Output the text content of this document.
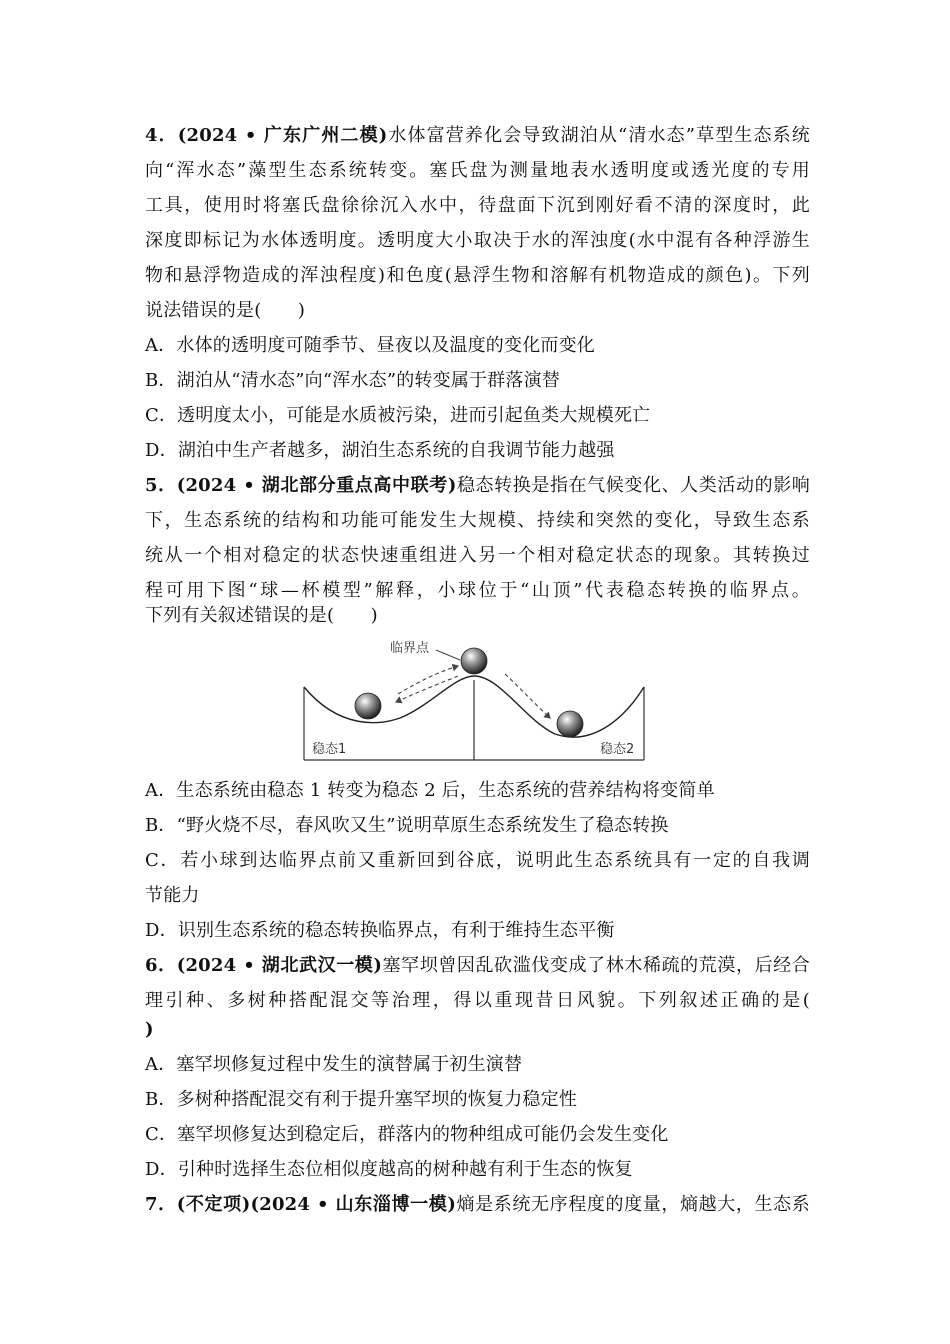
4．(2024 • 广东广州二模)水体富营养化会导致湖泊从“清水态”草型生态系统
向“浑水态”藻型生态系统转变。塞氏盘为测量地表水透明度或透光度的专用
工具，使用时将塞氏盘徐徐沉入水中，待盘面下沉到刚好看不清的深度时，此
深度即标记为水体透明度。透明度大小取决于水的浑浊度(水中混有各种浮游生
物和悬浮物造成的浑浊程度)和色度(悬浮生物和溶解有机物造成的颜色)。下列
说法错误的是(　　)
A．水体的透明度可随季节、昼夜以及温度的变化而变化
B．湖泊从“清水态”向“浑水态”的转变属于群落演替
C．透明度太小，可能是水质被污染，进而引起鱼类大规模死亡
D．湖泊中生产者越多，湖泊生态系统的自我调节能力越强
5．(2024 • 湖北部分重点高中联考)稳态转换是指在气候变化、人类活动的影响
下，生态系统的结构和功能可能发生大规模、持续和突然的变化，导致生态系
统从一个相对稳定的状态快速重组进入另一个相对稳定状态的现象。其转换过
程可用下图“球—杯模型”解释，小球位于“山顶”代表稳态转换的临界点。
下列有关叙述错误的是(　　)
临界点
稳态1	稳态2
A．生态系统由稳态 1 转变为稳态 2 后，生态系统的营养结构将变简单
B．“野火烧不尽，春风吹又生”说明草原生态系统发生了稳态转换
C．若小球到达临界点前又重新回到谷底，说明此生态系统具有一定的自我调
节能力
D．识别生态系统的稳态转换临界点，有利于维持生态平衡
6．(2024 • 湖北武汉一模)塞罕坝曾因乱砍滥伐变成了林木稀疏的荒漠，后经合
理引种、多树种搭配混交等治理，得以重现昔日风貌。下列叙述正确的是(
)
A．塞罕坝修复过程中发生的演替属于初生演替
B．多树种搭配混交有利于提升塞罕坝的恢复力稳定性
C．塞罕坝修复达到稳定后，群落内的物种组成可能仍会发生变化
D．引种时选择生态位相似度越高的树种越有利于生态的恢复
7．(不定项)(2024 • 山东淄博一模)熵是系统无序程度的度量，熵越大，生态系
